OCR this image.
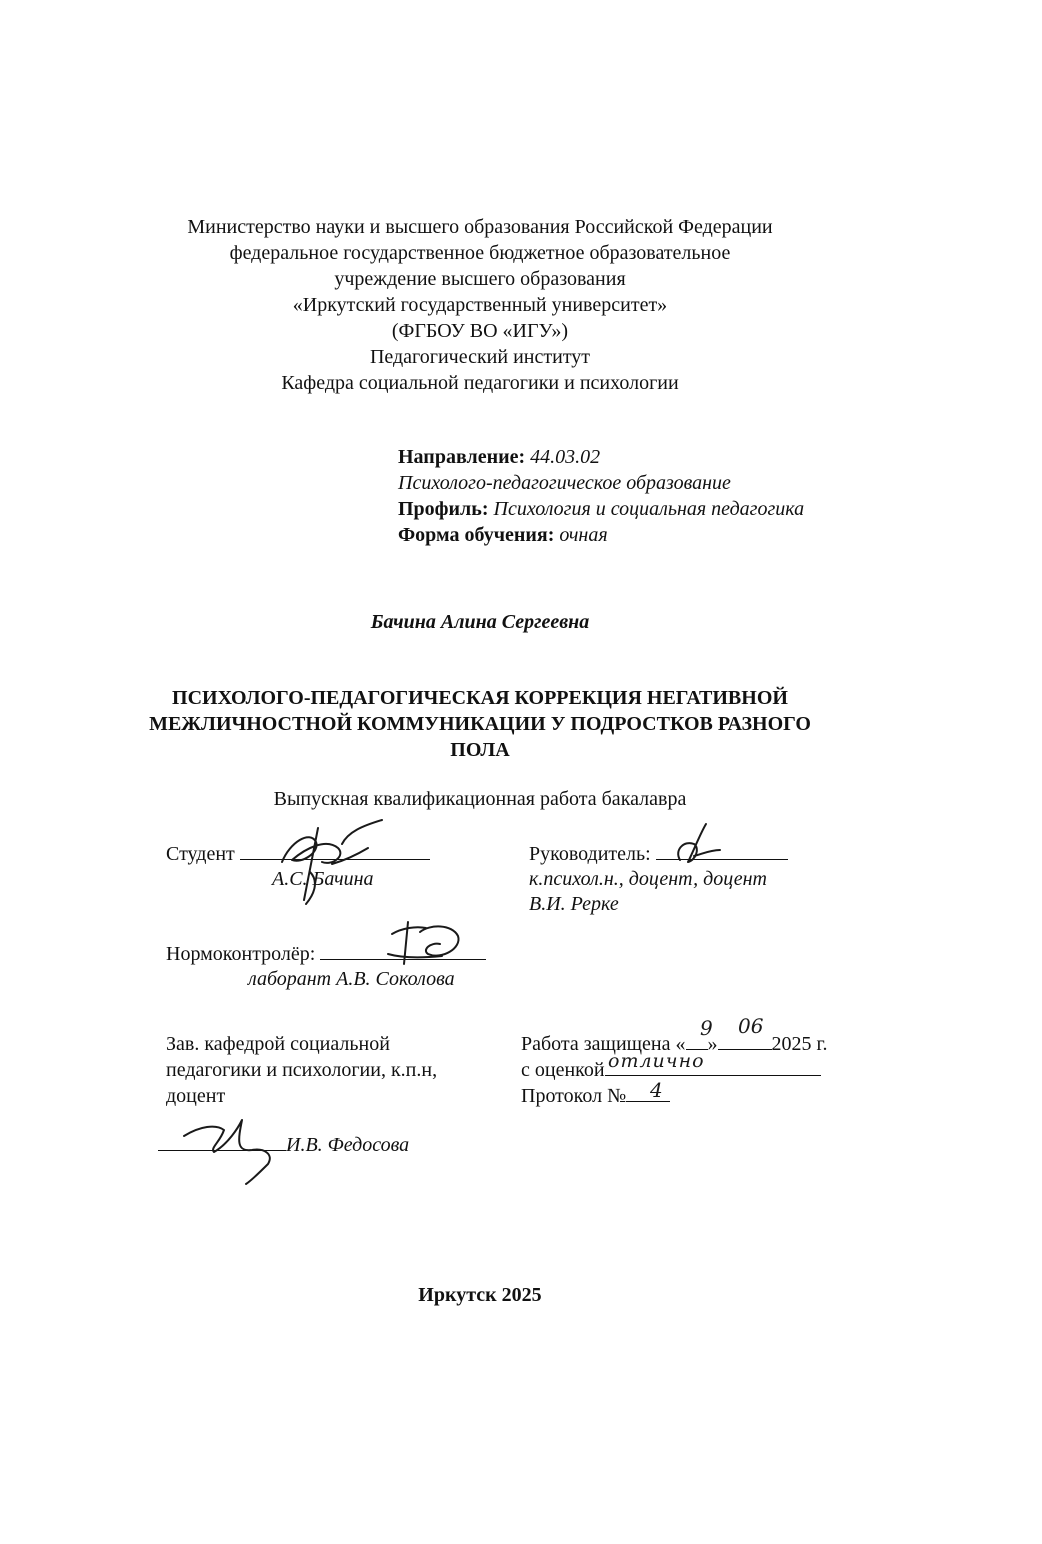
Министерство науки и высшего образования Российской Федерации
федеральное государственное бюджетное образовательное
учреждение высшего образования
«Иркутский государственный университет»
(ФГБОУ ВО «ИГУ»)
Педагогический институт
Кафедра социальной педагогики и психологии
Направление: 44.03.02
Психолого-педагогическое образование
Профиль: Психология и социальная педагогика
Форма обучения: очная
Бачина Алина Сергеевна
ПСИХОЛОГО-ПЕДАГОГИЧЕСКАЯ КОРРЕКЦИЯ НЕГАТИВНОЙ
МЕЖЛИЧНОСТНОЙ КОММУНИКАЦИИ У ПОДРОСТКОВ РАЗНОГО
ПОЛА
Выпускная квалификационная работа бакалавра
Студент
А.С. Бачина
Руководитель:
к.психол.н., доцент, доцент
В.И. Рерке
Нормоконтролёр:
лаборант А.В. Соколова
Зав. кафедрой социальной
педагогики и психологии, к.п.н,
доцент
И.В. Федосова
Работа защищена « »	2025 г.
9 06
с оценкой отлично
Протокол №	4
Иркутск 2025
